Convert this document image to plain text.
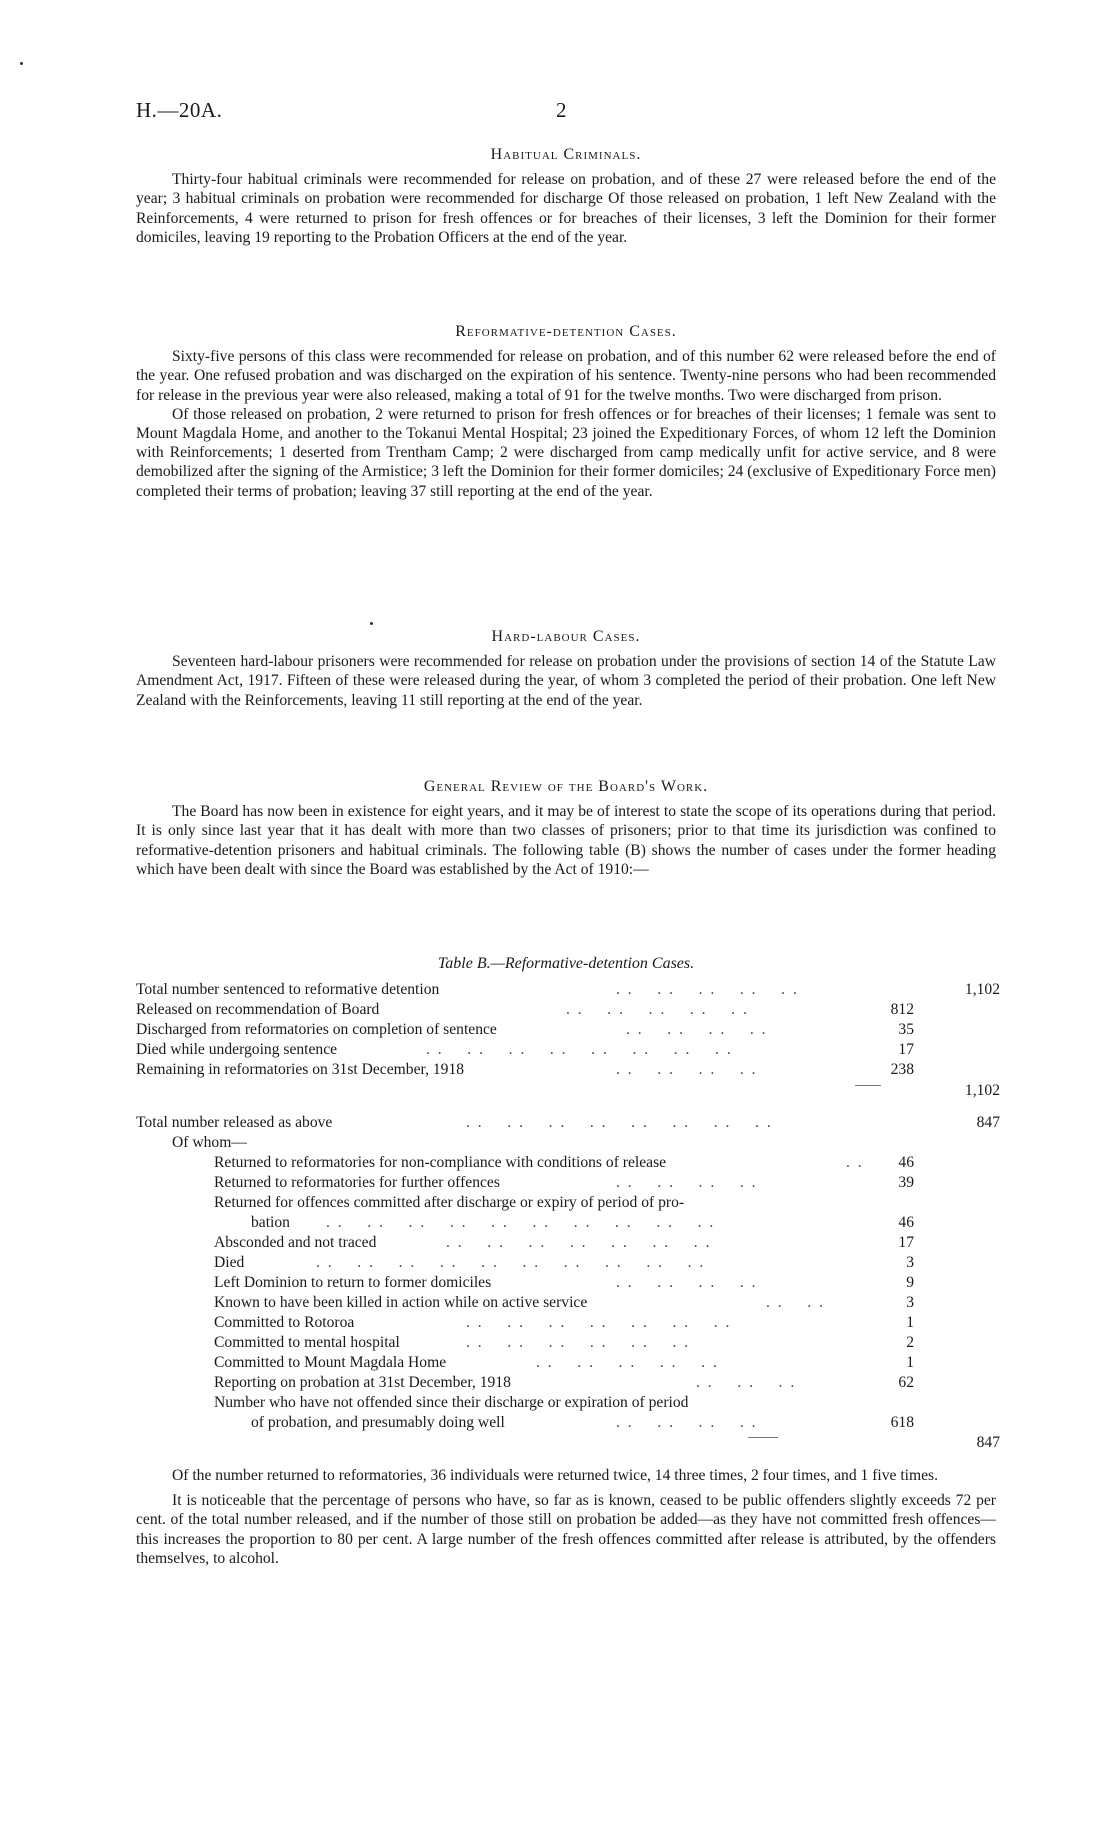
H.—20A.	2
Habitual Criminals.

Thirty-four habitual criminals were recommended for release on probation, and of these 27 were released before the end of the year; 3 habitual criminals on probation were recommended for discharge Of those released on probation, 1 left New Zealand with the Reinforcements, 4 were returned to prison for fresh offences or for breaches of their licenses, 3 left the Dominion for their former domiciles, leaving 19 reporting to the Probation Officers at the end of the year.

Reformative-detention Cases.

Sixty-five persons of this class were recommended for release on probation, and of this number 62 were released before the end of the year. One refused probation and was discharged on the expiration of his sentence. Twenty-nine persons who had been recommended for release in the previous year were also released, making a total of 91 for the twelve months. Two were discharged from prison.

Of those released on probation, 2 were returned to prison for fresh offences or for breaches of their licenses; 1 female was sent to Mount Magdala Home, and another to the Tokanui Mental Hospital; 23 joined the Expeditionary Forces, of whom 12 left the Dominion with Reinforcements; 1 deserted from Trentham Camp; 2 were discharged from camp medically unfit for active service, and 8 were demobilized after the signing of the Armistice; 3 left the Dominion for their former domiciles; 24 (exclusive of Expeditionary Force men) completed their terms of probation; leaving 37 still reporting at the end of the year.

Hard-labour Cases.

Seventeen hard-labour prisoners were recommended for release on probation under the provisions of section 14 of the Statute Law Amendment Act, 1917. Fifteen of these were released during the year, of whom 3 completed the period of their probation. One left New Zealand with the Reinforcements, leaving 11 still reporting at the end of the year.

General Review of the Board's Work.

The Board has now been in existence for eight years, and it may be of interest to state the scope of its operations during that period. It is only since last year that it has dealt with more than two classes of prisoners; prior to that time its jurisdiction was confined to reformative-detention prisoners and habitual criminals. The following table (B) shows the number of cases under the former heading which have been dealt with since the Board was established by the Act of 1910:—

Table B.—Reformative-detention Cases.
Total number sentenced to reformative detention	. .    . .    . .    . .    . .	1,102
Released on recommendation of Board	. .    . .    . .    . .    . .	812
Discharged from reformatories on completion of sentence	. .    . .    . .    . .	35
Died while undergoing sentence	. .    . .    . .    . .    . .    . .    . .    . .	17
Remaining in reformatories on 31st December, 1918	. .    . .    . .    . .	238
1,102
Total number released as above	. .    . .    . .    . .    . .    . .    . .    . .	847
Of whom—
Returned to reformatories for non-compliance with conditions of release	. .	46
Returned to reformatories for further offences	. .    . .    . .    . .	39
Returned for offences committed after discharge or expiry of period of pro-
bation . .    . .    . .    . .    . .    . .    . .    . .    . .    . .	46
Absconded and not traced	. .    . .    . .    . .    . .    . .    . .	17
Died	. .    . .    . .    . .    . .    . .    . .    . .    . .    . .	3
Left Dominion to return to former domiciles	. .    . .    . .    . .	9
Known to have been killed in action while on active service	. .    . .	3
Committed to Rotoroa	. .    . .    . .    . .    . .    . .    . .	1
Committed to mental hospital	. .    . .    . .    . .    . .    . .	2
Committed to Mount Magdala Home	. .    . .    . .    . .    . .	1
Reporting on probation at 31st December, 1918	. .    . .    . .	62
Number who have not offended since their discharge or expiration of period
of probation, and presumably doing well	. .    . .    . .    . .	618
847

Of the number returned to reformatories, 36 individuals were returned twice, 14 three times, 2 four times, and 1 five times.

It is noticeable that the percentage of persons who have, so far as is known, ceased to be public offenders slightly exceeds 72 per cent. of the total number released, and if the number of those still on probation be added—as they have not committed fresh offences—this increases the proportion to 80 per cent. A large number of the fresh offences committed after release is attributed, by the offenders themselves, to alcohol.
